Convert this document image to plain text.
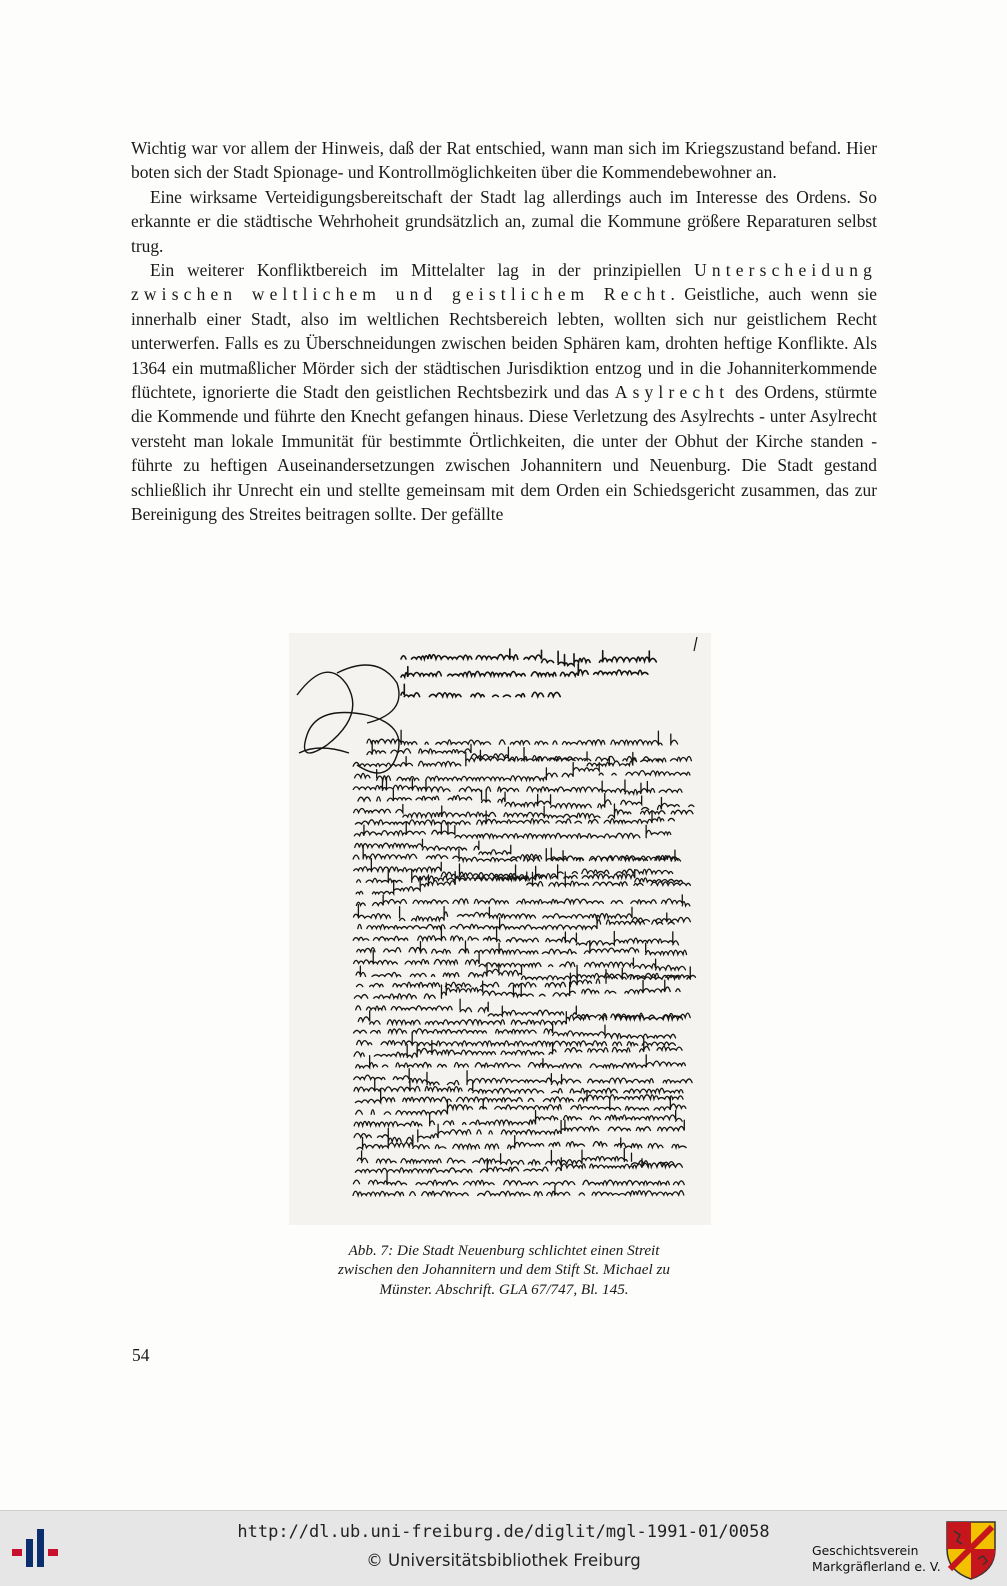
Wichtig war vor allem der Hinweis, daß der Rat entschied, wann man sich im Kriegszustand befand. Hier boten sich der Stadt Spionage- und Kontrollmöglichkeiten über die Kommendebewohner an.

Eine wirksame Verteidigungsbereitschaft der Stadt lag allerdings auch im Interesse des Ordens. So erkannte er die städtische Wehrhoheit grundsätzlich an, zumal die Kommune größere Reparaturen selbst trug.

Ein weiterer Konfliktbereich im Mittelalter lag in der prinzipiellen Unterscheidung zwischen weltlichem und geistlichem Recht. Geistliche, auch wenn sie innerhalb einer Stadt, also im weltlichen Rechtsbereich lebten, wollten sich nur geistlichem Recht unterwerfen. Falls es zu Überschneidungen zwischen beiden Sphären kam, drohten heftige Konflikte. Als 1364 ein mutmaßlicher Mörder sich der städtischen Jurisdiktion entzog und in die Johanniterkommende flüchtete, ignorierte die Stadt den geistlichen Rechtsbezirk und das Asylrecht des Ordens, stürmte die Kommende und führte den Knecht gefangen hinaus. Diese Verletzung des Asylrechts - unter Asylrecht versteht man lokale Immunität für bestimmte Örtlichkeiten, die unter der Obhut der Kirche standen - führte zu heftigen Auseinandersetzungen zwischen Johannitern und Neuenburg. Die Stadt gestand schließlich ihr Unrecht ein und stellte gemeinsam mit dem Orden ein Schiedsgericht zusammen, das zur Bereinigung des Streites beitragen sollte. Der gefällte

Abb. 7: Die Stadt Neuenburg schlichtet einen Streit
zwischen den Johannitern und dem Stift St. Michael zu
Münster. Abschrift. GLA 67/747, Bl. 145.
54
http://dl.ub.uni-freiburg.de/diglit/mgl-1991-01/0058
© Universitätsbibliothek Freiburg
Geschichtsverein
Markgräflerland e. V.
